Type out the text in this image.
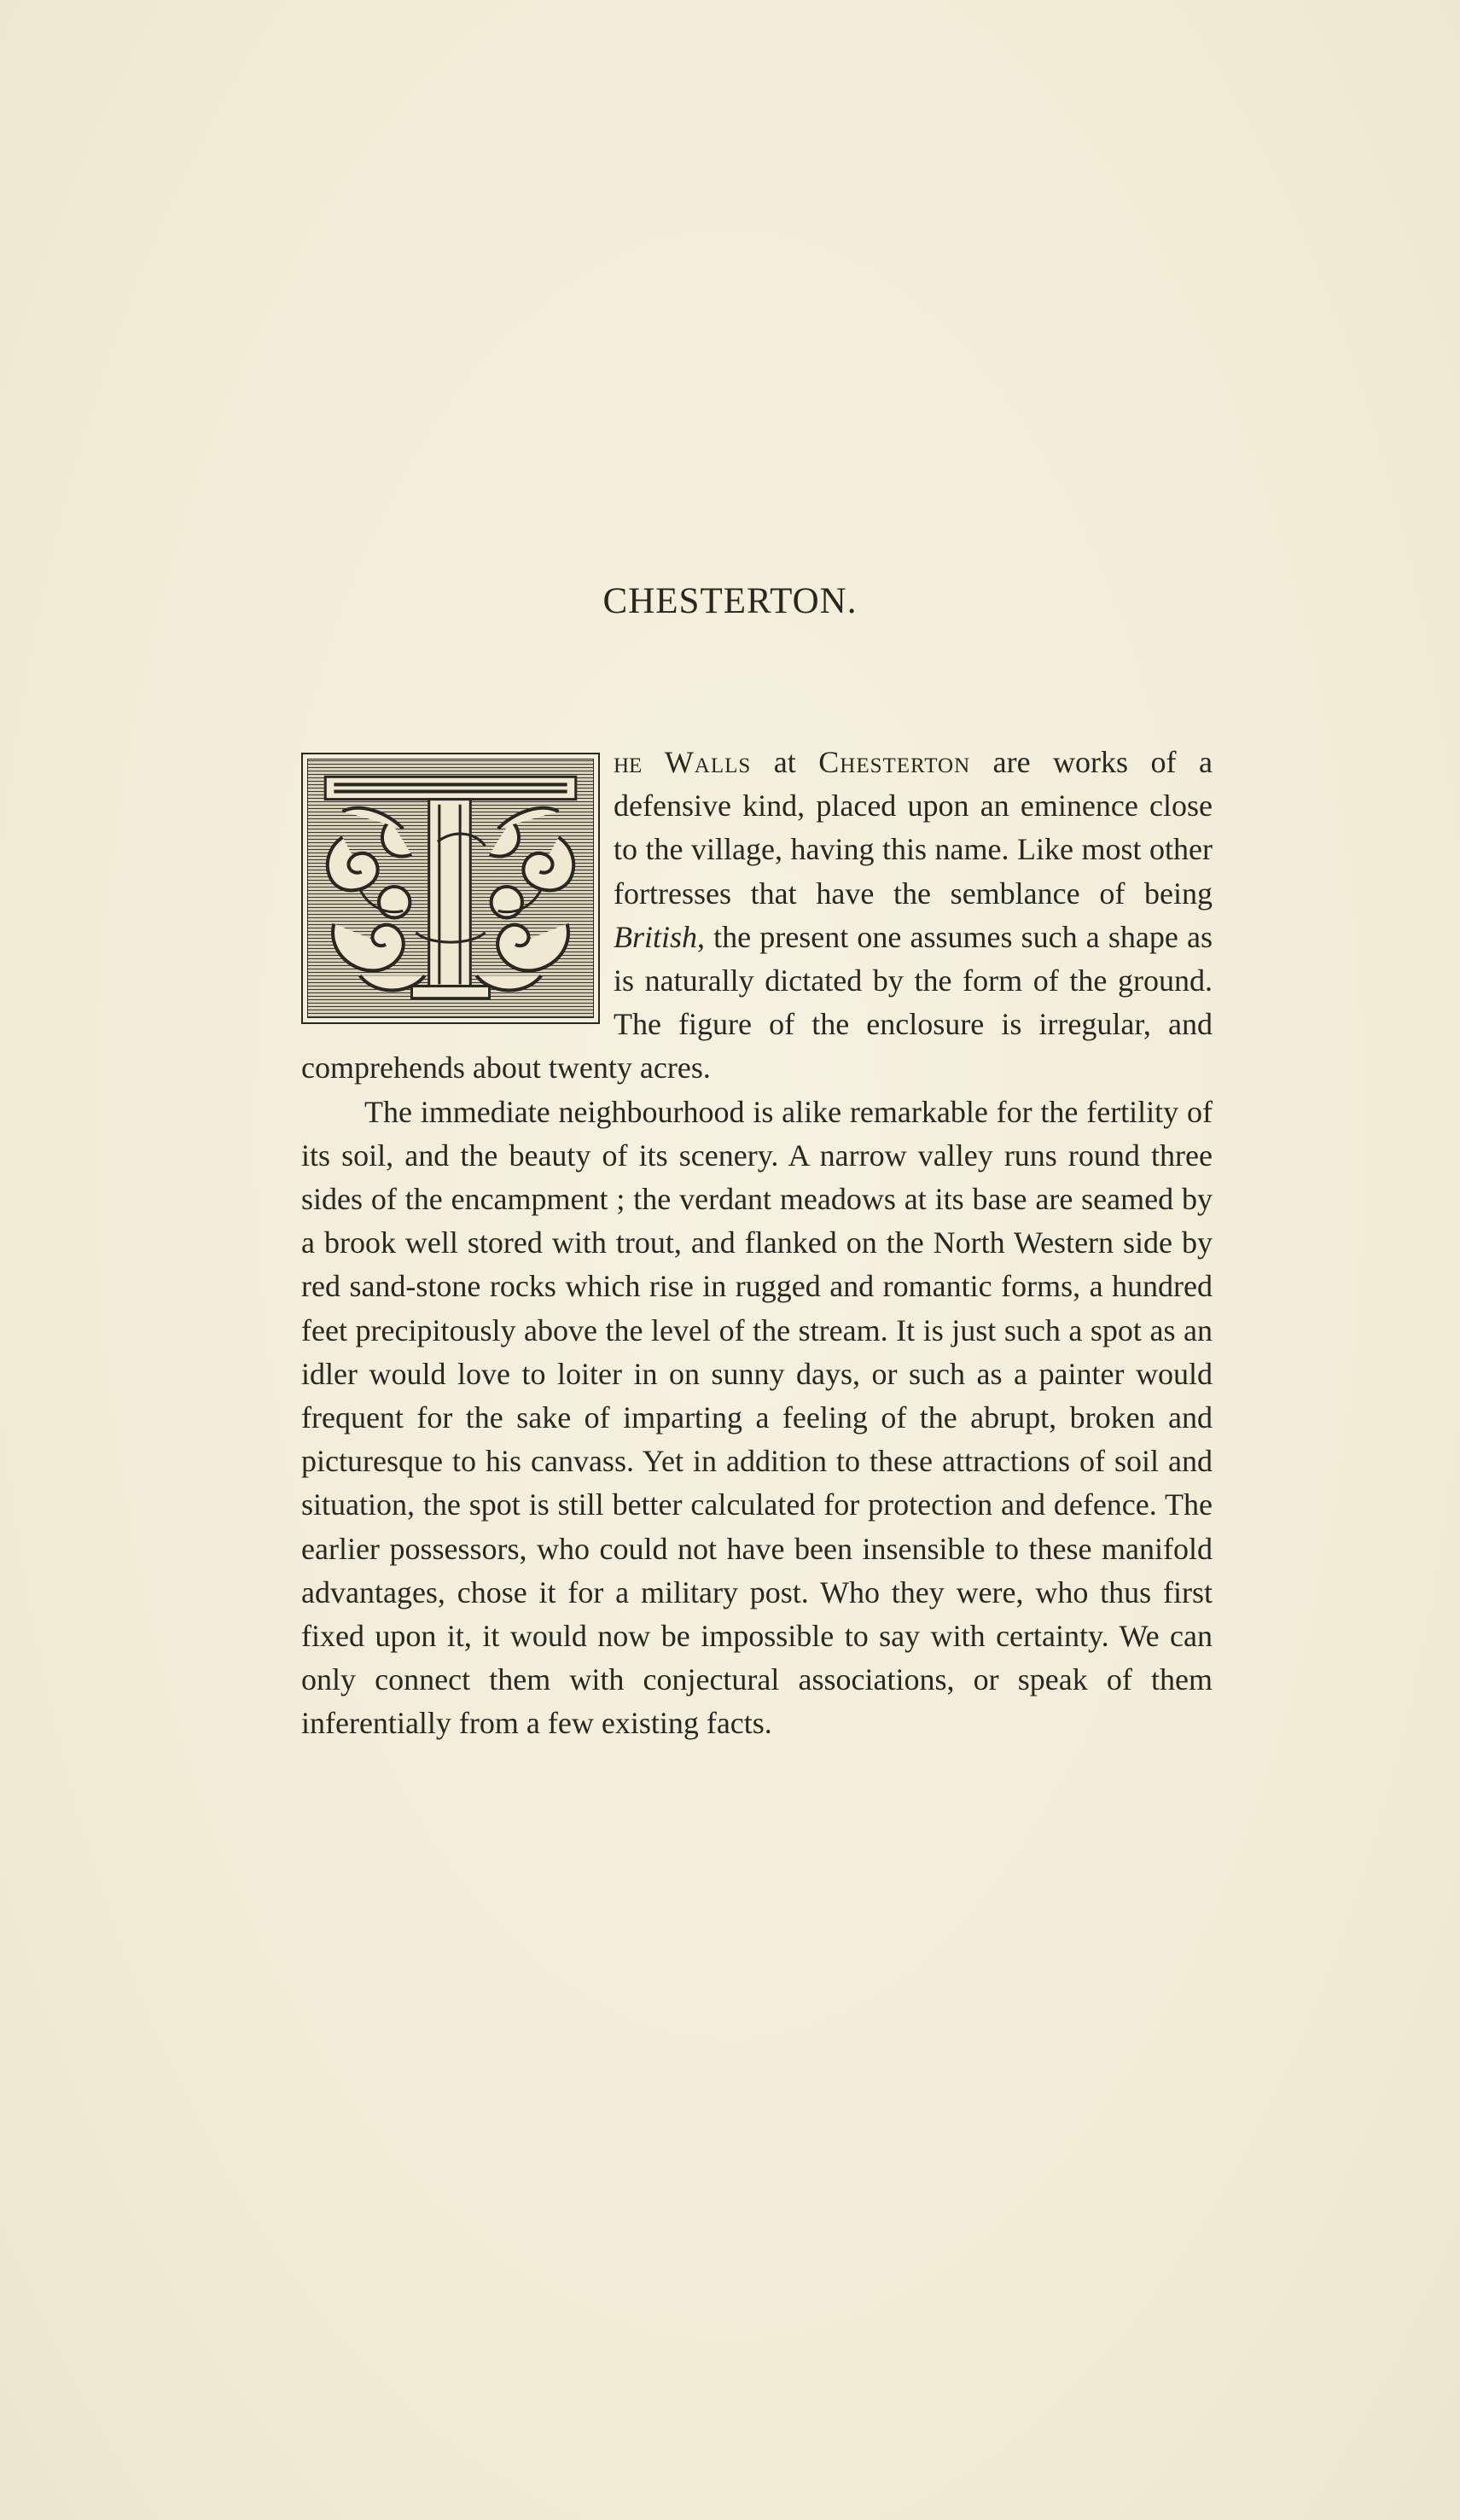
CHESTERTON.

he Walls at Chesterton are works of a defensive kind, placed upon an eminence close to the village, having this name. Like most other fortresses that have the semblance of being British, the present one assumes such a shape as is naturally dictated by the form of the ground. The figure of the enclosure is irregular, and comprehends about twenty acres.

The immediate neighbourhood is alike remarkable for the fertility of its soil, and the beauty of its scenery. A narrow valley runs round three sides of the encampment ; the verdant meadows at its base are seamed by a brook well stored with trout, and flanked on the North Western side by red sand-stone rocks which rise in rugged and romantic forms, a hundred feet precipitously above the level of the stream. It is just such a spot as an idler would love to loiter in on sunny days, or such as a painter would frequent for the sake of imparting a feeling of the abrupt, broken and picturesque to his canvass. Yet in addition to these attractions of soil and situation, the spot is still better calculated for protection and defence. The earlier possessors, who could not have been insensible to these manifold advantages, chose it for a military post. Who they were, who thus first fixed upon it, it would now be impossible to say with certainty. We can only connect them with conjectural associations, or speak of them inferentially from a few existing facts.
